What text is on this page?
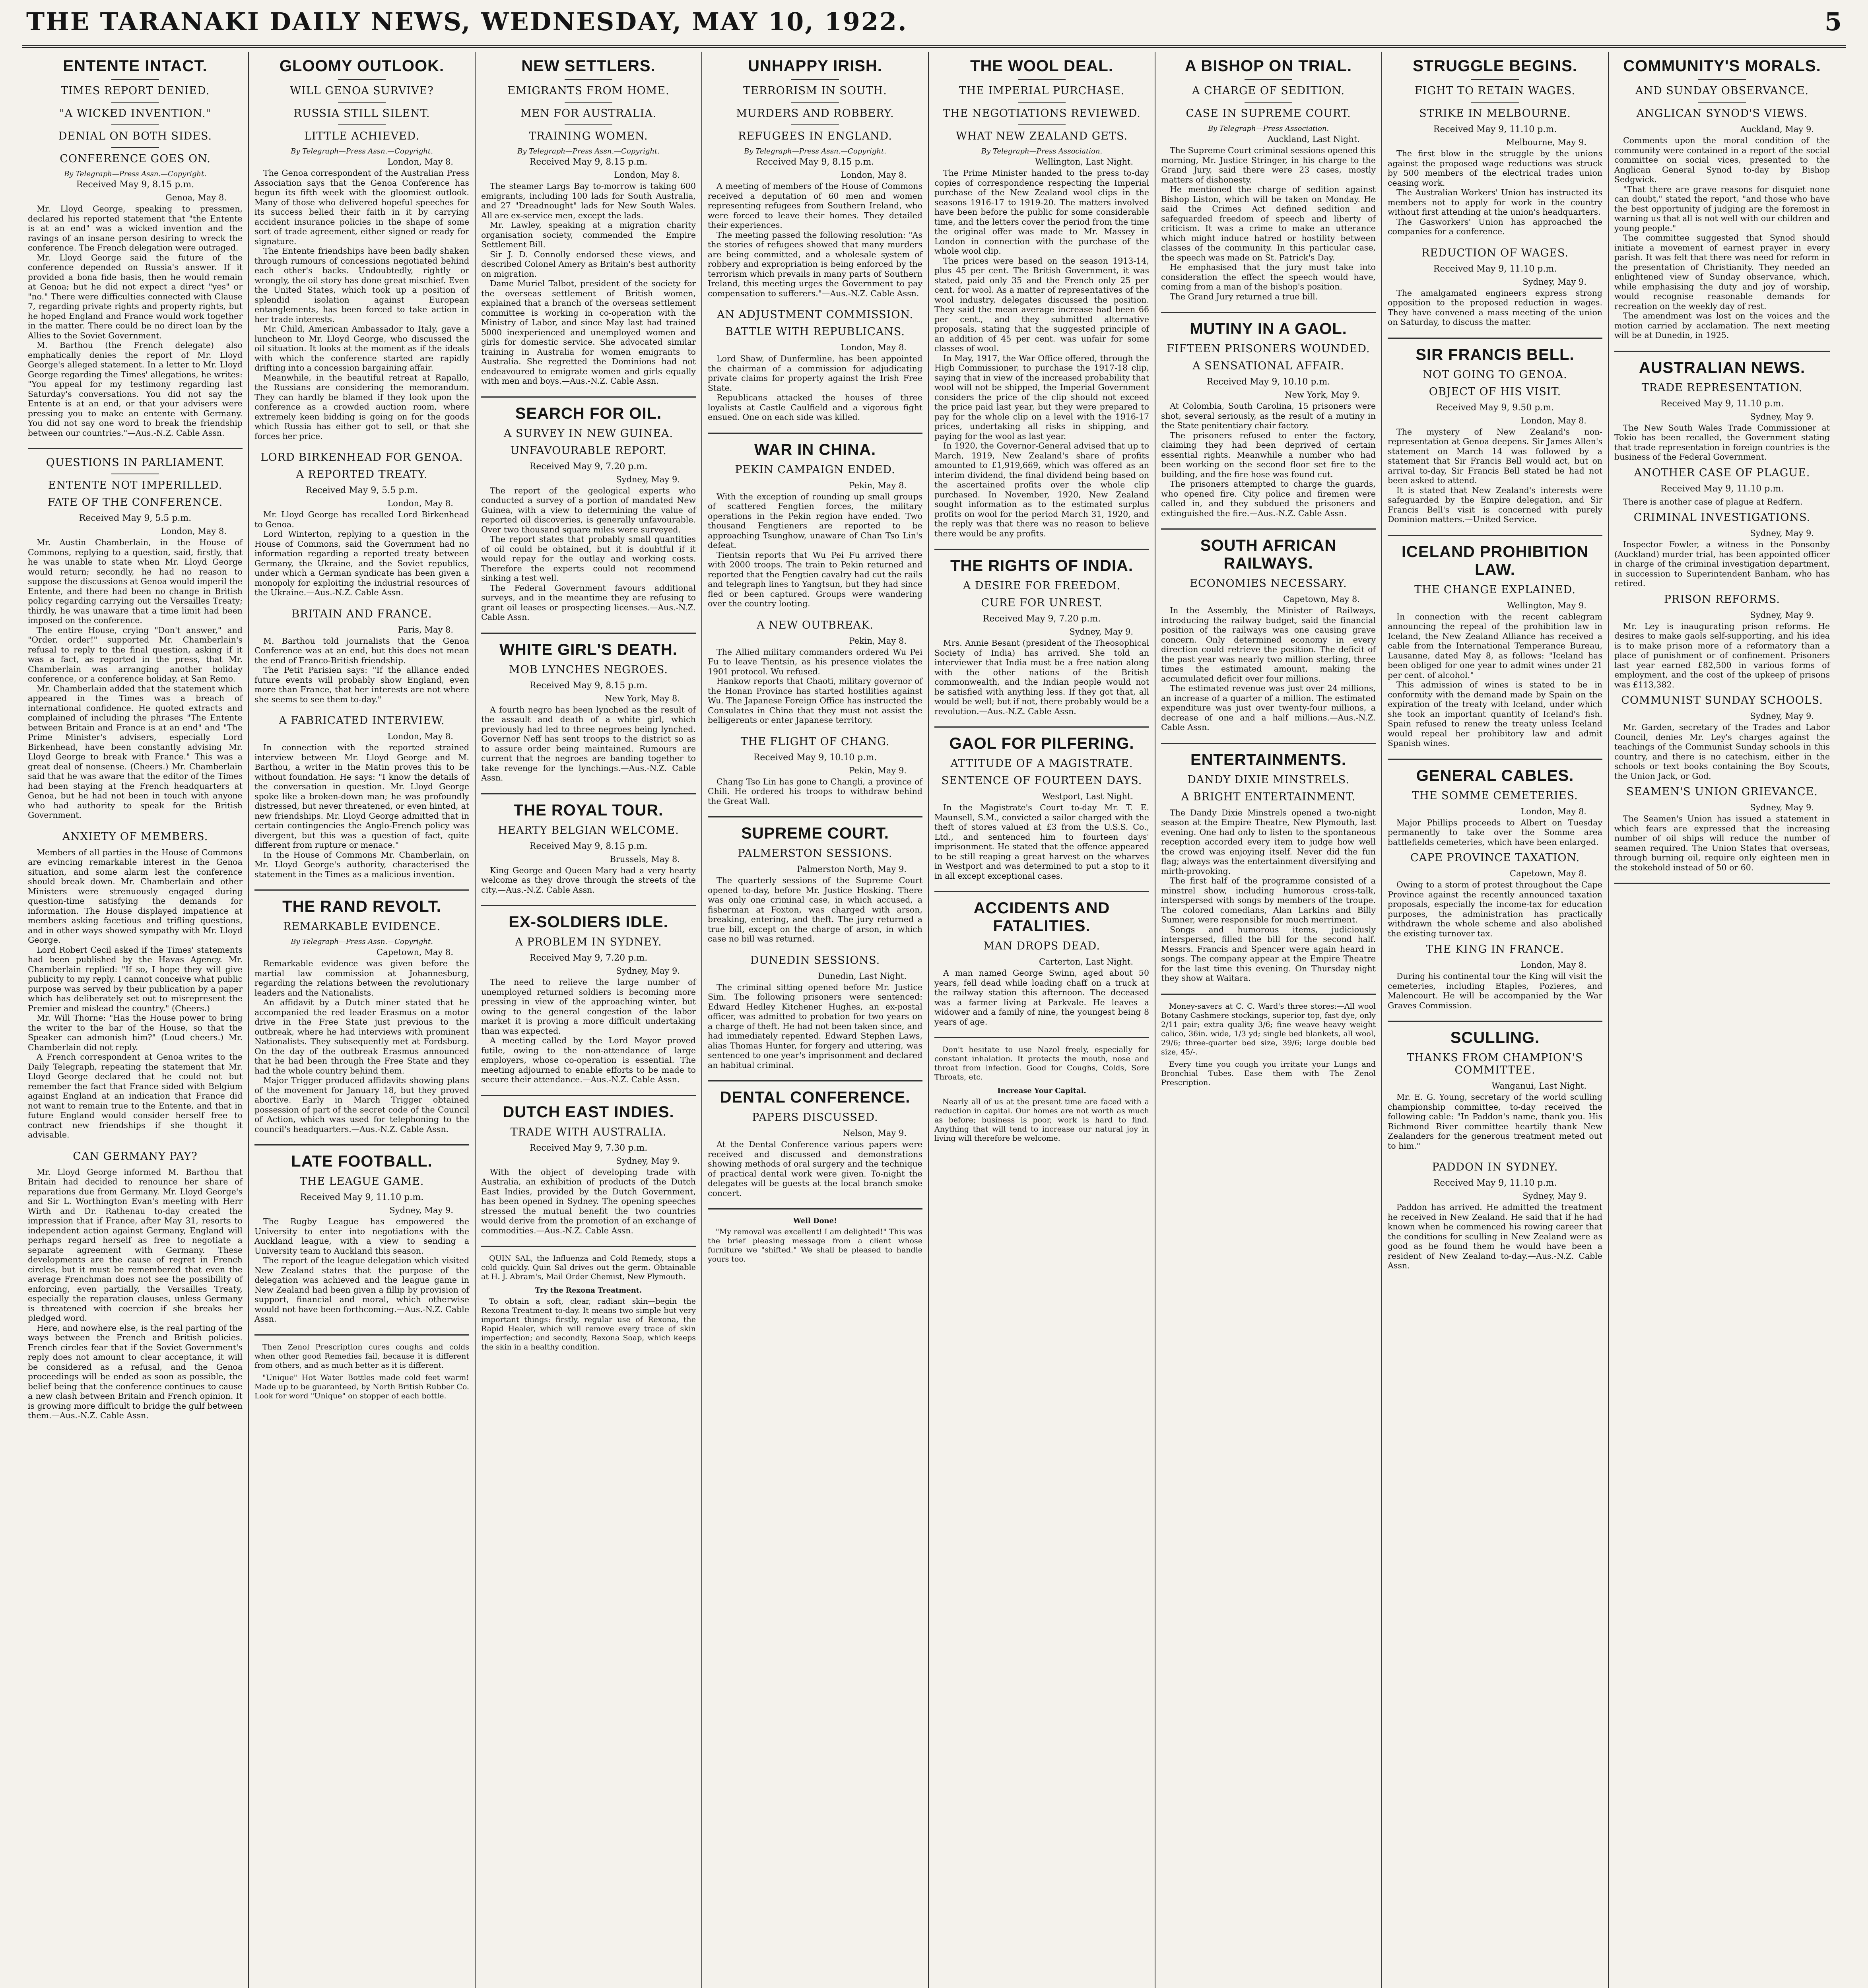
THE TARANAKI DAILY NEWS, WEDNESDAY, MAY 10, 1922.	5
ENTENTE INTACT.
TIMES REPORT DENIED.
"A WICKED INVENTION."
DENIAL ON BOTH SIDES.
CONFERENCE GOES ON.
By Telegraph—Press Assn.—Copyright.
Received May 9, 8.15 p.m.
Genoa, May 8.

Mr. Lloyd George, speaking to pressmen, declared his reported statement that "the Entente is at an end" was a wicked invention and the ravings of an insane person desiring to wreck the conference. The French delegation were outraged.

Mr. Lloyd George said the future of the conference depended on Russia's answer. If it provided a bona fide basis, then he would remain at Genoa; but he did not expect a direct "yes" or "no." There were difficulties connected with Clause 7, regarding private rights and property rights, but he hoped England and France would work together in the matter. There could be no direct loan by the Allies to the Soviet Government.

M. Barthou (the French delegate) also emphatically denies the report of Mr. Lloyd George's alleged statement. In a letter to Mr. Lloyd George regarding the Times' allegations, he writes: "You appeal for my testimony regarding last Saturday's conversations. You did not say the Entente is at an end, or that your advisers were pressing you to make an entente with Germany. You did not say one word to break the friendship between our countries."—Aus.-N.Z. Cable Assn.

QUESTIONS IN PARLIAMENT.
ENTENTE NOT IMPERILLED.
FATE OF THE CONFERENCE.
Received May 9, 5.5 p.m.
London, May 8.

Mr. Austin Chamberlain, in the House of Commons, replying to a question, said, firstly, that he was unable to state when Mr. Lloyd George would return; secondly, he had no reason to suppose the discussions at Genoa would imperil the Entente, and there had been no change in British policy regarding carrying out the Versailles Treaty; thirdly, he was unaware that a time limit had been imposed on the conference.

The entire House, crying "Don't answer," and "Order, order!" supported Mr. Chamberlain's refusal to reply to the final question, asking if it was a fact, as reported in the press, that Mr. Chamberlain was arranging another holiday conference, or a conference holiday, at San Remo.

Mr. Chamberlain added that the statement which appeared in the Times was a breach of international confidence. He quoted extracts and complained of including the phrases "The Entente between Britain and France is at an end" and "The Prime Minister's advisers, especially Lord Birkenhead, have been constantly advising Mr. Lloyd George to break with France." This was a great deal of nonsense. (Cheers.) Mr. Chamberlain said that he was aware that the editor of the Times had been staying at the French headquarters at Genoa, but he had not been in touch with anyone who had authority to speak for the British Government.

ANXIETY OF MEMBERS.

Members of all parties in the House of Commons are evincing remarkable interest in the Genoa situation, and some alarm lest the conference should break down. Mr. Chamberlain and other Ministers were strenuously engaged during question-time satisfying the demands for information. The House displayed impatience at members asking facetious and trifling questions, and in other ways showed sympathy with Mr. Lloyd George.

Lord Robert Cecil asked if the Times' statements had been published by the Havas Agency. Mr. Chamberlain replied: "If so, I hope they will give publicity to my reply. I cannot conceive what public purpose was served by their publication by a paper which has deliberately set out to misrepresent the Premier and mislead the country." (Cheers.)

Mr. Will Thorne: "Has the House power to bring the writer to the bar of the House, so that the Speaker can admonish him?" (Loud cheers.) Mr. Chamberlain did not reply.

A French correspondent at Genoa writes to the Daily Telegraph, repeating the statement that Mr. Lloyd George declared that he could not but remember the fact that France sided with Belgium against England at an indication that France did not want to remain true to the Entente, and that in future England would consider herself free to contract new friendships if she thought it advisable.

CAN GERMANY PAY?

Mr. Lloyd George informed M. Barthou that Britain had decided to renounce her share of reparations due from Germany. Mr. Lloyd George's and Sir L. Worthington Evan's meeting with Herr Wirth and Dr. Rathenau to-day created the impression that if France, after May 31, resorts to independent action against Germany, England will perhaps regard herself as free to negotiate a separate agreement with Germany. These developments are the cause of regret in French circles, but it must be remembered that even the average Frenchman does not see the possibility of enforcing, even partially, the Versailles Treaty, especially the reparation clauses, unless Germany is threatened with coercion if she breaks her pledged word.

Here, and nowhere else, is the real parting of the ways between the French and British policies. French circles fear that if the Soviet Government's reply does not amount to clear acceptance, it will be considered as a refusal, and the Genoa proceedings will be ended as soon as possible, the belief being that the conference continues to cause a new clash between Britain and French opinion. It is growing more difficult to bridge the gulf between them.—Aus.-N.Z. Cable Assn.

GLOOMY OUTLOOK.
WILL GENOA SURVIVE?
RUSSIA STILL SILENT.
LITTLE ACHIEVED.
By Telegraph—Press Assn.—Copyright.
London, May 8.

The Genoa correspondent of the Australian Press Association says that the Genoa Conference has begun its fifth week with the gloomiest outlook. Many of those who delivered hopeful speeches for its success belied their faith in it by carrying accident insurance policies in the shape of some sort of trade agreement, either signed or ready for signature.

The Entente friendships have been badly shaken through rumours of concessions negotiated behind each other's backs. Undoubtedly, rightly or wrongly, the oil story has done great mischief. Even the United States, which took up a position of splendid isolation against European entanglements, has been forced to take action in her trade interests.

Mr. Child, American Ambassador to Italy, gave a luncheon to Mr. Lloyd George, who discussed the oil situation. It looks at the moment as if the ideals with which the conference started are rapidly drifting into a concession bargaining affair.

Meanwhile, in the beautiful retreat at Rapallo, the Russians are considering the memorandum. They can hardly be blamed if they look upon the conference as a crowded auction room, where extremely keen bidding is going on for the goods which Russia has either got to sell, or that she forces her price.

LORD BIRKENHEAD FOR GENOA.
A REPORTED TREATY.
Received May 9, 5.5 p.m.
London, May 8.

Mr. Lloyd George has recalled Lord Birkenhead to Genoa.

Lord Winterton, replying to a question in the House of Commons, said the Government had no information regarding a reported treaty between Germany, the Ukraine, and the Soviet republics, under which a German syndicate has been given a monopoly for exploiting the industrial resources of the Ukraine.—Aus.-N.Z. Cable Assn.

BRITAIN AND FRANCE.
Paris, May 8.

M. Barthou told journalists that the Genoa Conference was at an end, but this does not mean the end of Franco-British friendship.

The Petit Parisien says: "If the alliance ended future events will probably show England, even more than France, that her interests are not where she seems to see them to-day."

A FABRICATED INTERVIEW.
London, May 8.

In connection with the reported strained interview between Mr. Lloyd George and M. Barthou, a writer in the Matin proves this to be without foundation. He says: "I know the details of the conversation in question. Mr. Lloyd George spoke like a broken-down man; he was profoundly distressed, but never threatened, or even hinted, at new friendships. Mr. Lloyd George admitted that in certain contingencies the Anglo-French policy was divergent, but this was a question of fact, quite different from rupture or menace."

In the House of Commons Mr. Chamberlain, on Mr. Lloyd George's authority, characterised the statement in the Times as a malicious invention.

THE RAND REVOLT.
REMARKABLE EVIDENCE.
By Telegraph—Press Assn.—Copyright.
Capetown, May 8.

Remarkable evidence was given before the martial law commission at Johannesburg, regarding the relations between the revolutionary leaders and the Nationalists.

An affidavit by a Dutch miner stated that he accompanied the red leader Erasmus on a motor drive in the Free State just previous to the outbreak, where he had interviews with prominent Nationalists. They subsequently met at Fordsburg. On the day of the outbreak Erasmus announced that he had been through the Free State and they had the whole country behind them.

Major Trigger produced affidavits showing plans of the movement for January 18, but they proved abortive. Early in March Trigger obtained possession of part of the secret code of the Council of Action, which was used for telephoning to the council's headquarters.—Aus.-N.Z. Cable Assn.

LATE FOOTBALL.
THE LEAGUE GAME.
Received May 9, 11.10 p.m.
Sydney, May 9.

The Rugby League has empowered the University to enter into negotiations with the Auckland league, with a view to sending a University team to Auckland this season.

The report of the league delegation which visited New Zealand states that the purpose of the delegation was achieved and the league game in New Zealand had been given a fillip by provision of support, financial and moral, which otherwise would not have been forthcoming.—Aus.-N.Z. Cable Assn.

Then Zenol Prescription cures coughs and colds when other good Remedies fail, because it is different from others, and as much better as it is different.

"Unique" Hot Water Bottles made cold feet warm! Made up to be guaranteed, by North British Rubber Co. Look for word "Unique" on stopper of each bottle.

NEW SETTLERS.
EMIGRANTS FROM HOME.
MEN FOR AUSTRALIA.
TRAINING WOMEN.
By Telegraph—Press Assn.—Copyright.
Received May 9, 8.15 p.m.
London, May 8.

The steamer Largs Bay to-morrow is taking 600 emigrants, including 100 lads for South Australia, and 27 "Dreadnought" lads for New South Wales. All are ex-service men, except the lads.

Mr. Lawley, speaking at a migration charity organisation society, commended the Empire Settlement Bill.

Sir J. D. Connolly endorsed these views, and described Colonel Amery as Britain's best authority on migration.

Dame Muriel Talbot, president of the society for the overseas settlement of British women, explained that a branch of the overseas settlement committee is working in co-operation with the Ministry of Labor, and since May last had trained 5000 inexperienced and unemployed women and girls for domestic service. She advocated similar training in Australia for women emigrants to Australia. She regretted the Dominions had not endeavoured to emigrate women and girls equally with men and boys.—Aus.-N.Z. Cable Assn.

SEARCH FOR OIL.
A SURVEY IN NEW GUINEA.
UNFAVOURABLE REPORT.
Received May 9, 7.20 p.m.
Sydney, May 9.

The report of the geological experts who conducted a survey of a portion of mandated New Guinea, with a view to determining the value of reported oil discoveries, is generally unfavourable. Over two thousand square miles were surveyed.

The report states that probably small quantities of oil could be obtained, but it is doubtful if it would repay for the outlay and working costs. Therefore the experts could not recommend sinking a test well.

The Federal Government favours additional surveys, and in the meantime they are refusing to grant oil leases or prospecting licenses.—Aus.-N.Z. Cable Assn.

WHITE GIRL'S DEATH.
MOB LYNCHES NEGROES.
Received May 9, 8.15 p.m.
New York, May 8.

A fourth negro has been lynched as the result of the assault and death of a white girl, which previously had led to three negroes being lynched. Governor Neff has sent troops to the district so as to assure order being maintained. Rumours are current that the negroes are banding together to take revenge for the lynchings.—Aus.-N.Z. Cable Assn.

THE ROYAL TOUR.
HEARTY BELGIAN WELCOME.
Received May 9, 8.15 p.m.
Brussels, May 8.

King George and Queen Mary had a very hearty welcome as they drove through the streets of the city.—Aus.-N.Z. Cable Assn.

EX-SOLDIERS IDLE.
A PROBLEM IN SYDNEY.
Received May 9, 7.20 p.m.
Sydney, May 9.

The need to relieve the large number of unemployed returned soldiers is becoming more pressing in view of the approaching winter, but owing to the general congestion of the labor market it is proving a more difficult undertaking than was expected.

A meeting called by the Lord Mayor proved futile, owing to the non-attendance of large employers, whose co-operation is essential. The meeting adjourned to enable efforts to be made to secure their attendance.—Aus.-N.Z. Cable Assn.

DUTCH EAST INDIES.
TRADE WITH AUSTRALIA.
Received May 9, 7.30 p.m.
Sydney, May 9.

With the object of developing trade with Australia, an exhibition of products of the Dutch East Indies, provided by the Dutch Government, has been opened in Sydney. The opening speeches stressed the mutual benefit the two countries would derive from the promotion of an exchange of commodities.—Aus.-N.Z. Cable Assn.

QUIN SAL, the Influenza and Cold Remedy, stops a cold quickly. Quin Sal drives out the germ. Obtainable at H. J. Abram's, Mail Order Chemist, New Plymouth.

Try the Rexona Treatment.

To obtain a soft, clear, radiant skin—begin the Rexona Treatment to-day. It means two simple but very important things: firstly, regular use of Rexona, the Rapid Healer, which will remove every trace of skin imperfection; and secondly, Rexona Soap, which keeps the skin in a healthy condition.

UNHAPPY IRISH.
TERRORISM IN SOUTH.
MURDERS AND ROBBERY.
REFUGEES IN ENGLAND.
By Telegraph—Press Assn.—Copyright.
Received May 9, 8.15 p.m.
London, May 8.

A meeting of members of the House of Commons received a deputation of 60 men and women representing refugees from Southern Ireland, who were forced to leave their homes. They detailed their experiences.

The meeting passed the following resolution: "As the stories of refugees showed that many murders are being committed, and a wholesale system of robbery and expropriation is being enforced by the terrorism which prevails in many parts of Southern Ireland, this meeting urges the Government to pay compensation to sufferers."—Aus.-N.Z. Cable Assn.

AN ADJUSTMENT COMMISSION.
BATTLE WITH REPUBLICANS.
London, May 8.

Lord Shaw, of Dunfermline, has been appointed the chairman of a commission for adjudicating private claims for property against the Irish Free State.

Republicans attacked the houses of three loyalists at Castle Caulfield and a vigorous fight ensued. One on each side was killed.

WAR IN CHINA.
PEKIN CAMPAIGN ENDED.
Pekin, May 8.

With the exception of rounding up small groups of scattered Fengtien forces, the military operations in the Pekin region have ended. Two thousand Fengtieners are reported to be approaching Tsunghow, unaware of Chan Tso Lin's defeat.

Tientsin reports that Wu Pei Fu arrived there with 2000 troops. The train to Pekin returned and reported that the Fengtien cavalry had cut the rails and telegraph lines to Yangtsun, but they had since fled or been captured. Groups were wandering over the country looting.

A NEW OUTBREAK.
Pekin, May 8.

The Allied military commanders ordered Wu Pei Fu to leave Tientsin, as his presence violates the 1901 protocol. Wu refused.

Hankow reports that Chaoti, military governor of the Honan Province has started hostilities against Wu. The Japanese Foreign Office has instructed the Consulates in China that they must not assist the belligerents or enter Japanese territory.

THE FLIGHT OF CHANG.
Received May 9, 10.10 p.m.
Pekin, May 9.

Chang Tso Lin has gone to Changli, a province of Chili. He ordered his troops to withdraw behind the Great Wall.

SUPREME COURT.
PALMERSTON SESSIONS.
Palmerston North, May 9.

The quarterly sessions of the Supreme Court opened to-day, before Mr. Justice Hosking. There was only one criminal case, in which accused, a fisherman at Foxton, was charged with arson, breaking, entering, and theft. The jury returned a true bill, except on the charge of arson, in which case no bill was returned.

DUNEDIN SESSIONS.
Dunedin, Last Night.

The criminal sitting opened before Mr. Justice Sim. The following prisoners were sentenced: Edward Hedley Kitchener Hughes, an ex-postal officer, was admitted to probation for two years on a charge of theft. He had not been taken since, and had immediately repented. Edward Stephen Laws, alias Thomas Hunter, for forgery and uttering, was sentenced to one year's imprisonment and declared an habitual criminal.

DENTAL CONFERENCE.
PAPERS DISCUSSED.
Nelson, May 9.

At the Dental Conference various papers were received and discussed and demonstrations showing methods of oral surgery and the technique of practical dental work were given. To-night the delegates will be guests at the local branch smoke concert.

Well Done!

"My removal was excellent! I am delighted!" This was the brief pleasing message from a client whose furniture we "shifted." We shall be pleased to handle yours too.

THE WOOL DEAL.
THE IMPERIAL PURCHASE.
THE NEGOTIATIONS REVIEWED.
WHAT NEW ZEALAND GETS.
By Telegraph—Press Association.
Wellington, Last Night.

The Prime Minister handed to the press to-day copies of correspondence respecting the Imperial purchase of the New Zealand wool clips in the seasons 1916-17 to 1919-20. The matters involved have been before the public for some considerable time, and the letters cover the period from the time the original offer was made to Mr. Massey in London in connection with the purchase of the whole wool clip.

The prices were based on the season 1913-14, plus 45 per cent. The British Government, it was stated, paid only 35 and the French only 25 per cent. for wool. As a matter of representatives of the wool industry, delegates discussed the position. They said the mean average increase had been 66 per cent., and they submitted alternative proposals, stating that the suggested principle of an addition of 45 per cent. was unfair for some classes of wool.

In May, 1917, the War Office offered, through the High Commissioner, to purchase the 1917-18 clip, saying that in view of the increased probability that wool will not be shipped, the Imperial Government considers the price of the clip should not exceed the price paid last year, but they were prepared to pay for the whole clip on a level with the 1916-17 prices, undertaking all risks in shipping, and paying for the wool as last year.

In 1920, the Governor-General advised that up to March, 1919, New Zealand's share of profits amounted to £1,919,669, which was offered as an interim dividend, the final dividend being based on the ascertained profits over the whole clip purchased. In November, 1920, New Zealand sought information as to the estimated surplus profits on wool for the period March 31, 1920, and the reply was that there was no reason to believe there would be any profits.

THE RIGHTS OF INDIA.
A DESIRE FOR FREEDOM.
CURE FOR UNREST.
Received May 9, 7.20 p.m.
Sydney, May 9.

Mrs. Annie Besant (president of the Theosophical Society of India) has arrived. She told an interviewer that India must be a free nation along with the other nations of the British commonwealth, and the Indian people would not be satisfied with anything less. If they got that, all would be well; but if not, there probably would be a revolution.—Aus.-N.Z. Cable Assn.

GAOL FOR PILFERING.
ATTITUDE OF A MAGISTRATE.
SENTENCE OF FOURTEEN DAYS.
Westport, Last Night.

In the Magistrate's Court to-day Mr. T. E. Maunsell, S.M., convicted a sailor charged with the theft of stores valued at £3 from the U.S.S. Co., Ltd., and sentenced him to fourteen days' imprisonment. He stated that the offence appeared to be still reaping a great harvest on the wharves in Westport and was determined to put a stop to it in all except exceptional cases.

ACCIDENTS AND FATALITIES.
MAN DROPS DEAD.
Carterton, Last Night.

A man named George Swinn, aged about 50 years, fell dead while loading chaff on a truck at the railway station this afternoon. The deceased was a farmer living at Parkvale. He leaves a widower and a family of nine, the youngest being 8 years of age.

Don't hesitate to use Nazol freely, especially for constant inhalation. It protects the mouth, nose and throat from infection. Good for Coughs, Colds, Sore Throats, etc.

Increase Your Capital.

Nearly all of us at the present time are faced with a reduction in capital. Our homes are not worth as much as before; business is poor, work is hard to find. Anything that will tend to increase our natural joy in living will therefore be welcome.

A BISHOP ON TRIAL.
A CHARGE OF SEDITION.
CASE IN SUPREME COURT.
By Telegraph—Press Association.
Auckland, Last Night.

The Supreme Court criminal sessions opened this morning, Mr. Justice Stringer, in his charge to the Grand Jury, said there were 23 cases, mostly matters of dishonesty.

He mentioned the charge of sedition against Bishop Liston, which will be taken on Monday. He said the Crimes Act defined sedition and safeguarded freedom of speech and liberty of criticism. It was a crime to make an utterance which might induce hatred or hostility between classes of the community. In this particular case, the speech was made on St. Patrick's Day.

He emphasised that the jury must take into consideration the effect the speech would have, coming from a man of the bishop's position.

The Grand Jury returned a true bill.

MUTINY IN A GAOL.
FIFTEEN PRISONERS WOUNDED.
A SENSATIONAL AFFAIR.
Received May 9, 10.10 p.m.
New York, May 9.

At Colombia, South Carolina, 15 prisoners were shot, several seriously, as the result of a mutiny in the State penitentiary chair factory.

The prisoners refused to enter the factory, claiming they had been deprived of certain essential rights. Meanwhile a number who had been working on the second floor set fire to the building, and the fire hose was found cut.

The prisoners attempted to charge the guards, who opened fire. City police and firemen were called in, and they subdued the prisoners and extinguished the fire.—Aus.-N.Z. Cable Assn.

SOUTH AFRICAN RAILWAYS.
ECONOMIES NECESSARY.
Capetown, May 8.

In the Assembly, the Minister of Railways, introducing the railway budget, said the financial position of the railways was one causing grave concern. Only determined economy in every direction could retrieve the position. The deficit of the past year was nearly two million sterling, three times the estimated amount, making the accumulated deficit over four millions.

The estimated revenue was just over 24 millions, an increase of a quarter of a million. The estimated expenditure was just over twenty-four millions, a decrease of one and a half millions.—Aus.-N.Z. Cable Assn.

ENTERTAINMENTS.
DANDY DIXIE MINSTRELS.
A BRIGHT ENTERTAINMENT.

The Dandy Dixie Minstrels opened a two-night season at the Empire Theatre, New Plymouth, last evening. One had only to listen to the spontaneous reception accorded every item to judge how well the crowd was enjoying itself. Never did the fun flag; always was the entertainment diversifying and mirth-provoking.

The first half of the programme consisted of a minstrel show, including humorous cross-talk, interspersed with songs by members of the troupe. The colored comedians, Alan Larkins and Billy Sumner, were responsible for much merriment.

Songs and humorous items, judiciously interspersed, filled the bill for the second half. Messrs. Francis and Spencer were again heard in songs. The company appear at the Empire Theatre for the last time this evening. On Thursday night they show at Waitara.

Money-savers at C. C. Ward's three stores:—All wool Botany Cashmere stockings, superior top, fast dye, only 2/11 pair; extra quality 3/6; fine weave heavy weight calico, 36in. wide, 1/3 yd; single bed blankets, all wool, 29/6; three-quarter bed size, 39/6; large double bed size, 45/-.

Every time you cough you irritate your Lungs and Bronchial Tubes. Ease them with The Zenol Prescription.

STRUGGLE BEGINS.
FIGHT TO RETAIN WAGES.
STRIKE IN MELBOURNE.
Received May 9, 11.10 p.m.
Melbourne, May 9.

The first blow in the struggle by the unions against the proposed wage reductions was struck by 500 members of the electrical trades union ceasing work.

The Australian Workers' Union has instructed its members not to apply for work in the country without first attending at the union's headquarters.

The Gasworkers' Union has approached the companies for a conference.

REDUCTION OF WAGES.
Received May 9, 11.10 p.m.
Sydney, May 9.

The amalgamated engineers express strong opposition to the proposed reduction in wages. They have convened a mass meeting of the union on Saturday, to discuss the matter.

SIR FRANCIS BELL.
NOT GOING TO GENOA.
OBJECT OF HIS VISIT.
Received May 9, 9.50 p.m.
London, May 8.

The mystery of New Zealand's non-representation at Genoa deepens. Sir James Allen's statement on March 14 was followed by a statement that Sir Francis Bell would act, but on arrival to-day, Sir Francis Bell stated he had not been asked to attend.

It is stated that New Zealand's interests were safeguarded by the Empire delegation, and Sir Francis Bell's visit is concerned with purely Dominion matters.—United Service.

ICELAND PROHIBITION LAW.
THE CHANGE EXPLAINED.
Wellington, May 9.

In connection with the recent cablegram announcing the repeal of the prohibition law in Iceland, the New Zealand Alliance has received a cable from the International Temperance Bureau, Lausanne, dated May 8, as follows: "Iceland has been obliged for one year to admit wines under 21 per cent. of alcohol."

This admission of wines is stated to be in conformity with the demand made by Spain on the expiration of the treaty with Iceland, under which she took an important quantity of Iceland's fish. Spain refused to renew the treaty unless Iceland would repeal her prohibitory law and admit Spanish wines.

GENERAL CABLES.
THE SOMME CEMETERIES.
London, May 8.

Major Phillips proceeds to Albert on Tuesday permanently to take over the Somme area battlefields cemeteries, which have been enlarged.

CAPE PROVINCE TAXATION.
Capetown, May 8.

Owing to a storm of protest throughout the Cape Province against the recently announced taxation proposals, especially the income-tax for education purposes, the administration has practically withdrawn the whole scheme and also abolished the existing turnover tax.

THE KING IN FRANCE.
London, May 8.

During his continental tour the King will visit the cemeteries, including Etaples, Pozieres, and Malencourt. He will be accompanied by the War Graves Commission.

SCULLING.
THANKS FROM CHAMPION'S COMMITTEE.
Wanganui, Last Night.

Mr. E. G. Young, secretary of the world sculling championship committee, to-day received the following cable: "In Paddon's name, thank you. His Richmond River committee heartily thank New Zealanders for the generous treatment meted out to him."

PADDON IN SYDNEY.
Received May 9, 11.10 p.m.
Sydney, May 9.

Paddon has arrived. He admitted the treatment he received in New Zealand. He said that if he had known when he commenced his rowing career that the conditions for sculling in New Zealand were as good as he found them he would have been a resident of New Zealand to-day.—Aus.-N.Z. Cable Assn.

COMMUNITY'S MORALS.
AND SUNDAY OBSERVANCE.
ANGLICAN SYNOD'S VIEWS.
Auckland, May 9.

Comments upon the moral condition of the community were contained in a report of the social committee on social vices, presented to the Anglican General Synod to-day by Bishop Sedgwick.

"That there are grave reasons for disquiet none can doubt," stated the report, "and those who have the best opportunity of judging are the foremost in warning us that all is not well with our children and young people."

The committee suggested that Synod should initiate a movement of earnest prayer in every parish. It was felt that there was need for reform in the presentation of Christianity. They needed an enlightened view of Sunday observance, which, while emphasising the duty and joy of worship, would recognise reasonable demands for recreation on the weekly day of rest.

The amendment was lost on the voices and the motion carried by acclamation. The next meeting will be at Dunedin, in 1925.

AUSTRALIAN NEWS.
TRADE REPRESENTATION.
Received May 9, 11.10 p.m.
Sydney, May 9.

The New South Wales Trade Commissioner at Tokio has been recalled, the Government stating that trade representation in foreign countries is the business of the Federal Government.

ANOTHER CASE OF PLAGUE.
Received May 9, 11.10 p.m.

There is another case of plague at Redfern.

CRIMINAL INVESTIGATIONS.
Sydney, May 9.

Inspector Fowler, a witness in the Ponsonby (Auckland) murder trial, has been appointed officer in charge of the criminal investigation department, in succession to Superintendent Banham, who has retired.

PRISON REFORMS.
Sydney, May 9.

Mr. Ley is inaugurating prison reforms. He desires to make gaols self-supporting, and his idea is to make prison more of a reformatory than a place of punishment or of confinement. Prisoners last year earned £82,500 in various forms of employment, and the cost of the upkeep of prisons was £113,382.

COMMUNIST SUNDAY SCHOOLS.
Sydney, May 9.

Mr. Garden, secretary of the Trades and Labor Council, denies Mr. Ley's charges against the teachings of the Communist Sunday schools in this country, and there is no catechism, either in the schools or text books containing the Boy Scouts, the Union Jack, or God.

SEAMEN'S UNION GRIEVANCE.
Sydney, May 9.

The Seamen's Union has issued a statement in which fears are expressed that the increasing number of oil ships will reduce the number of seamen required. The Union States that overseas, through burning oil, require only eighteen men in the stokehold instead of 50 or 60.
